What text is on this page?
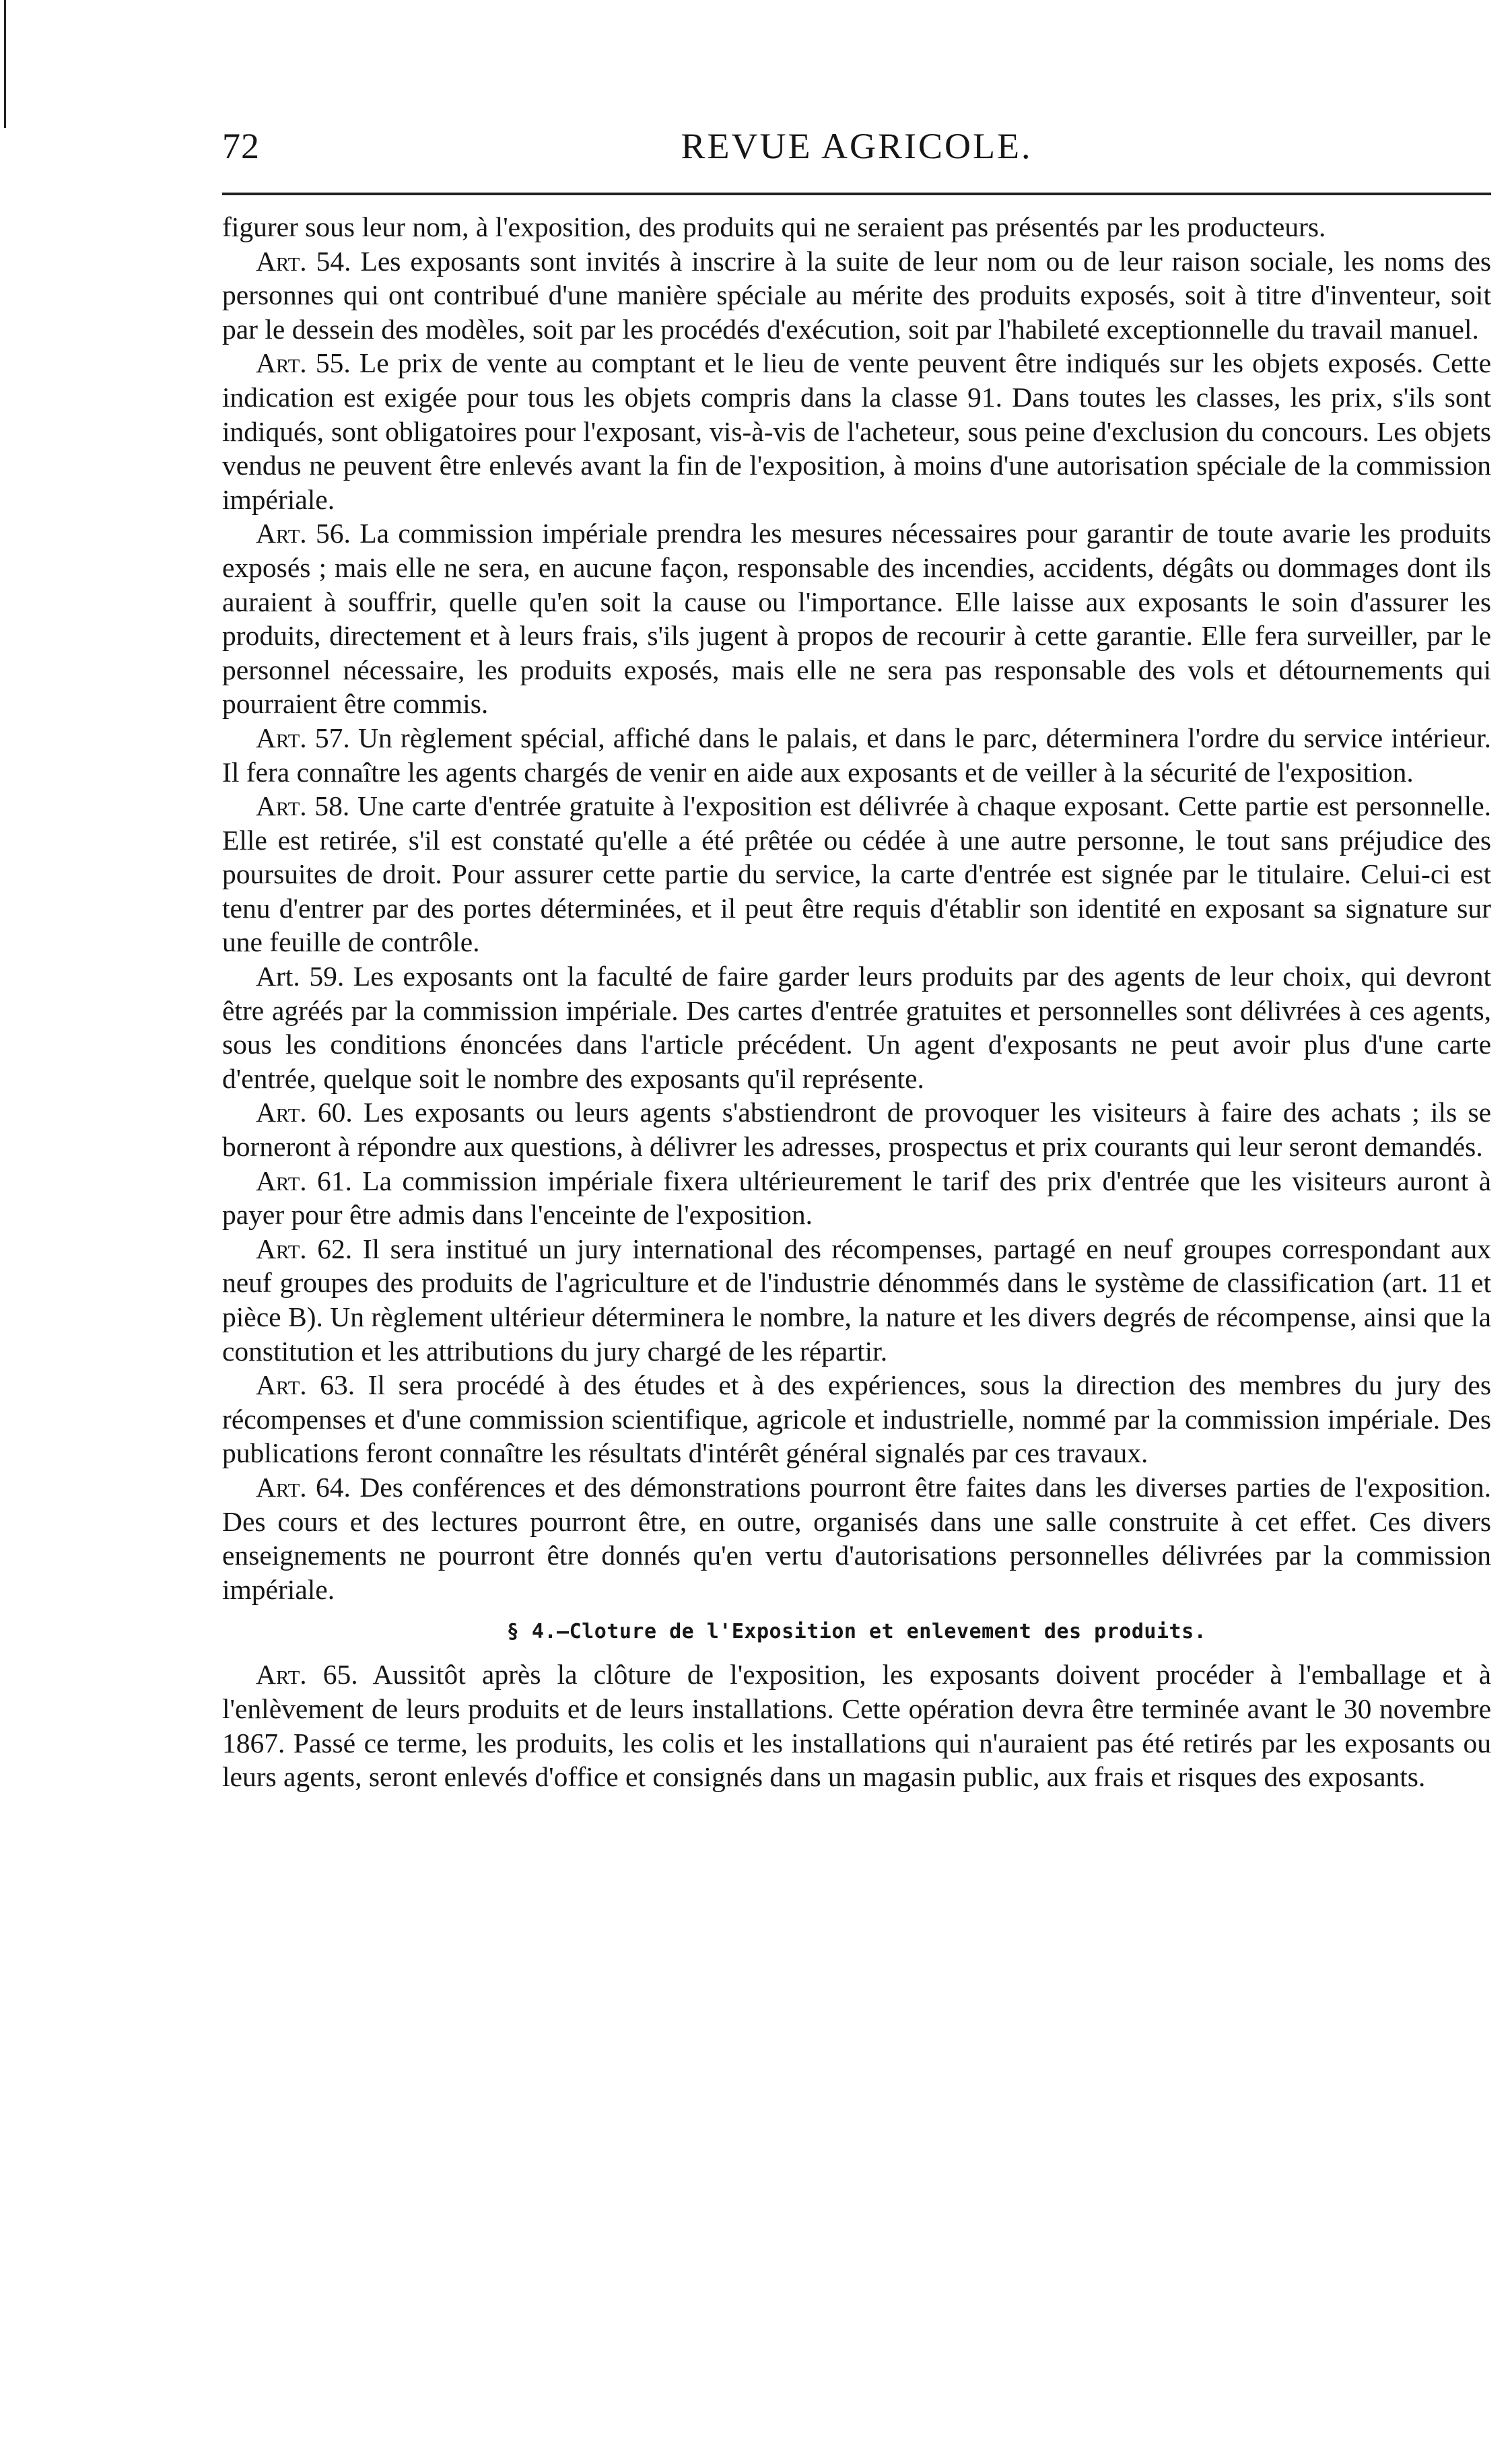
72	REVUE AGRICOLE.

figurer sous leur nom, à l'exposition, des produits qui ne seraient pas présentés par les producteurs.

Art. 54. Les exposants sont invités à inscrire à la suite de leur nom ou de leur raison sociale, les noms des personnes qui ont contribué d'une manière spéciale au mérite des produits exposés, soit à titre d'inventeur, soit par le dessein des modèles, soit par les procédés d'exécution, soit par l'habileté exceptionnelle du travail manuel.

Art. 55. Le prix de vente au comptant et le lieu de vente peuvent être indiqués sur les objets exposés. Cette indication est exigée pour tous les objets compris dans la classe 91. Dans toutes les classes, les prix, s'ils sont indiqués, sont obligatoires pour l'exposant, vis-à-vis de l'acheteur, sous peine d'exclusion du concours. Les objets vendus ne peuvent être enlevés avant la fin de l'exposition, à moins d'une autorisation spéciale de la commission impériale.

Art. 56. La commission impériale prendra les mesures nécessaires pour garantir de toute avarie les produits exposés ; mais elle ne sera, en aucune façon, responsable des incendies, accidents, dégâts ou dommages dont ils auraient à souffrir, quelle qu'en soit la cause ou l'importance. Elle laisse aux exposants le soin d'assurer les produits, directement et à leurs frais, s'ils jugent à propos de recourir à cette garantie. Elle fera surveiller, par le personnel nécessaire, les produits exposés, mais elle ne sera pas responsable des vols et détournements qui pourraient être commis.

Art. 57. Un règlement spécial, affiché dans le palais, et dans le parc, déterminera l'ordre du service intérieur. Il fera connaître les agents chargés de venir en aide aux exposants et de veiller à la sécurité de l'exposition.

Art. 58. Une carte d'entrée gratuite à l'exposition est délivrée à chaque exposant. Cette partie est personnelle. Elle est retirée, s'il est constaté qu'elle a été prêtée ou cédée à une autre personne, le tout sans préjudice des poursuites de droit. Pour assurer cette partie du service, la carte d'entrée est signée par le titulaire. Celui-ci est tenu d'entrer par des portes déterminées, et il peut être requis d'établir son identité en exposant sa signature sur une feuille de contrôle.

Art. 59. Les exposants ont la faculté de faire garder leurs produits par des agents de leur choix, qui devront être agréés par la commission impériale. Des cartes d'entrée gratuites et personnelles sont délivrées à ces agents, sous les conditions énoncées dans l'article précédent. Un agent d'exposants ne peut avoir plus d'une carte d'entrée, quelque soit le nombre des exposants qu'il représente.

Art. 60. Les exposants ou leurs agents s'abstiendront de provoquer les visiteurs à faire des achats ; ils se borneront à répondre aux questions, à délivrer les adresses, prospectus et prix courants qui leur seront demandés.

Art. 61. La commission impériale fixera ultérieurement le tarif des prix d'entrée que les visiteurs auront à payer pour être admis dans l'enceinte de l'exposition.

Art. 62. Il sera institué un jury international des récompenses, partagé en neuf groupes correspondant aux neuf groupes des produits de l'agriculture et de l'industrie dénommés dans le système de classification (art. 11 et pièce B). Un règlement ultérieur déterminera le nombre, la nature et les divers degrés de récompense, ainsi que la constitution et les attributions du jury chargé de les répartir.

Art. 63. Il sera procédé à des études et à des expériences, sous la direction des membres du jury des récompenses et d'une commission scientifique, agricole et industrielle, nommé par la commission impériale. Des publications feront connaître les résultats d'intérêt général signalés par ces travaux.

Art. 64. Des conférences et des démonstrations pourront être faites dans les diverses parties de l'exposition. Des cours et des lectures pourront être, en outre, organisés dans une salle construite à cet effet. Ces divers enseignements ne pourront être donnés qu'en vertu d'autorisations personnelles délivrées par la commission impériale.

§ 4.—Cloture de l'Exposition et enlevement des produits.

Art. 65. Aussitôt après la clôture de l'exposition, les exposants doivent procéder à l'emballage et à l'enlèvement de leurs produits et de leurs installations. Cette opération devra être terminée avant le 30 novembre 1867. Passé ce terme, les produits, les colis et les installations qui n'auraient pas été retirés par les exposants ou leurs agents, seront enlevés d'office et consignés dans un magasin public, aux frais et risques des exposants.
